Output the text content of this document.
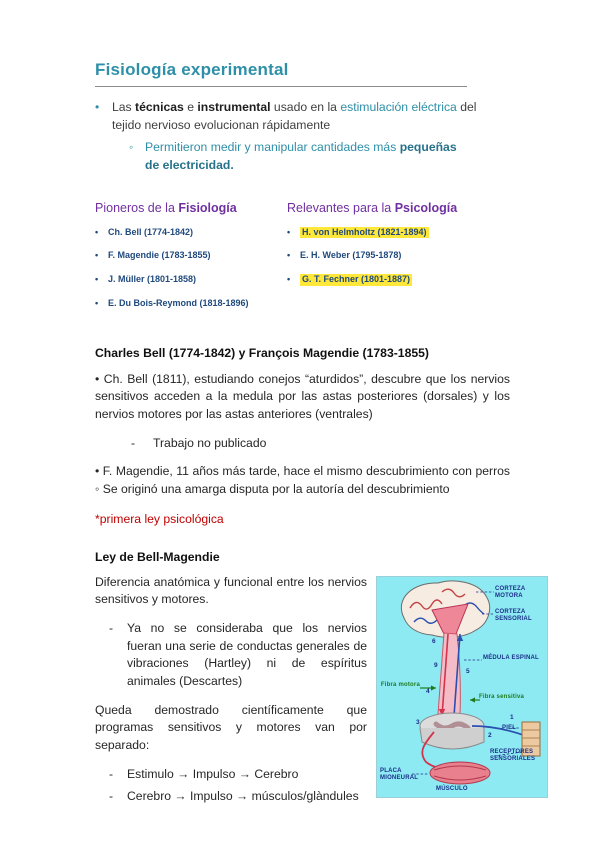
Fisiología experimental
•	Las técnicas e instrumental usado en la estimulación eléctrica del tejido nervioso evolucionan rápidamente
◦ Permitieron medir y manipular cantidades más pequeñas de electricidad.
Pioneros de la Fisiología
•	Ch. Bell (1774-1842)
•	F. Magendie (1783-1855)
•	J. Müller (1801-1858)
•	E. Du Bois-Reymond (1818-1896)
Relevantes para la Psicología
•	H. von Helmholtz (1821-1894)
•	E. H. Weber (1795-1878)
•	G. T. Fechner (1801-1887)
Charles Bell (1774-1842) y François Magendie (1783-1855)
• Ch. Bell (1811), estudiando conejos “aturdidos”, descubre que los nervios sensitivos acceden a la medula por las astas posteriores (dorsales) y los nervios motores por las astas anteriores (ventrales)
-	Trabajo no publicado
• F. Magendie, 11 años más tarde, hace el mismo descubrimiento con perros ◦ Se originó una amarga disputa por la autoría del descubrimiento
*primera ley psicológica
Ley de Bell-Magendie
Diferencia anatómica y funcional entre los nervios sensitivos y motores.
-	Ya no se consideraba que los nervios fueran una serie de conductas generales de vibraciones (Hartley) ni de espíritus animales (Descartes)
Queda demostrado científicamente que programas sensitivos y motores van por separado:
-	Estimulo → Impulso → Cerebro
-	Cerebro → Impulso → músculos/glàndules
CORTEZA MOTORA
CORTEZA SENSORIAL
MÉDULA ESPINAL
Fibra motora
Fibra sensitiva
PIEL
RECEPTORES SENSORIALES
PLACA MIONEURAL
MÚSCULO
6
9
5
4
3
2
1
